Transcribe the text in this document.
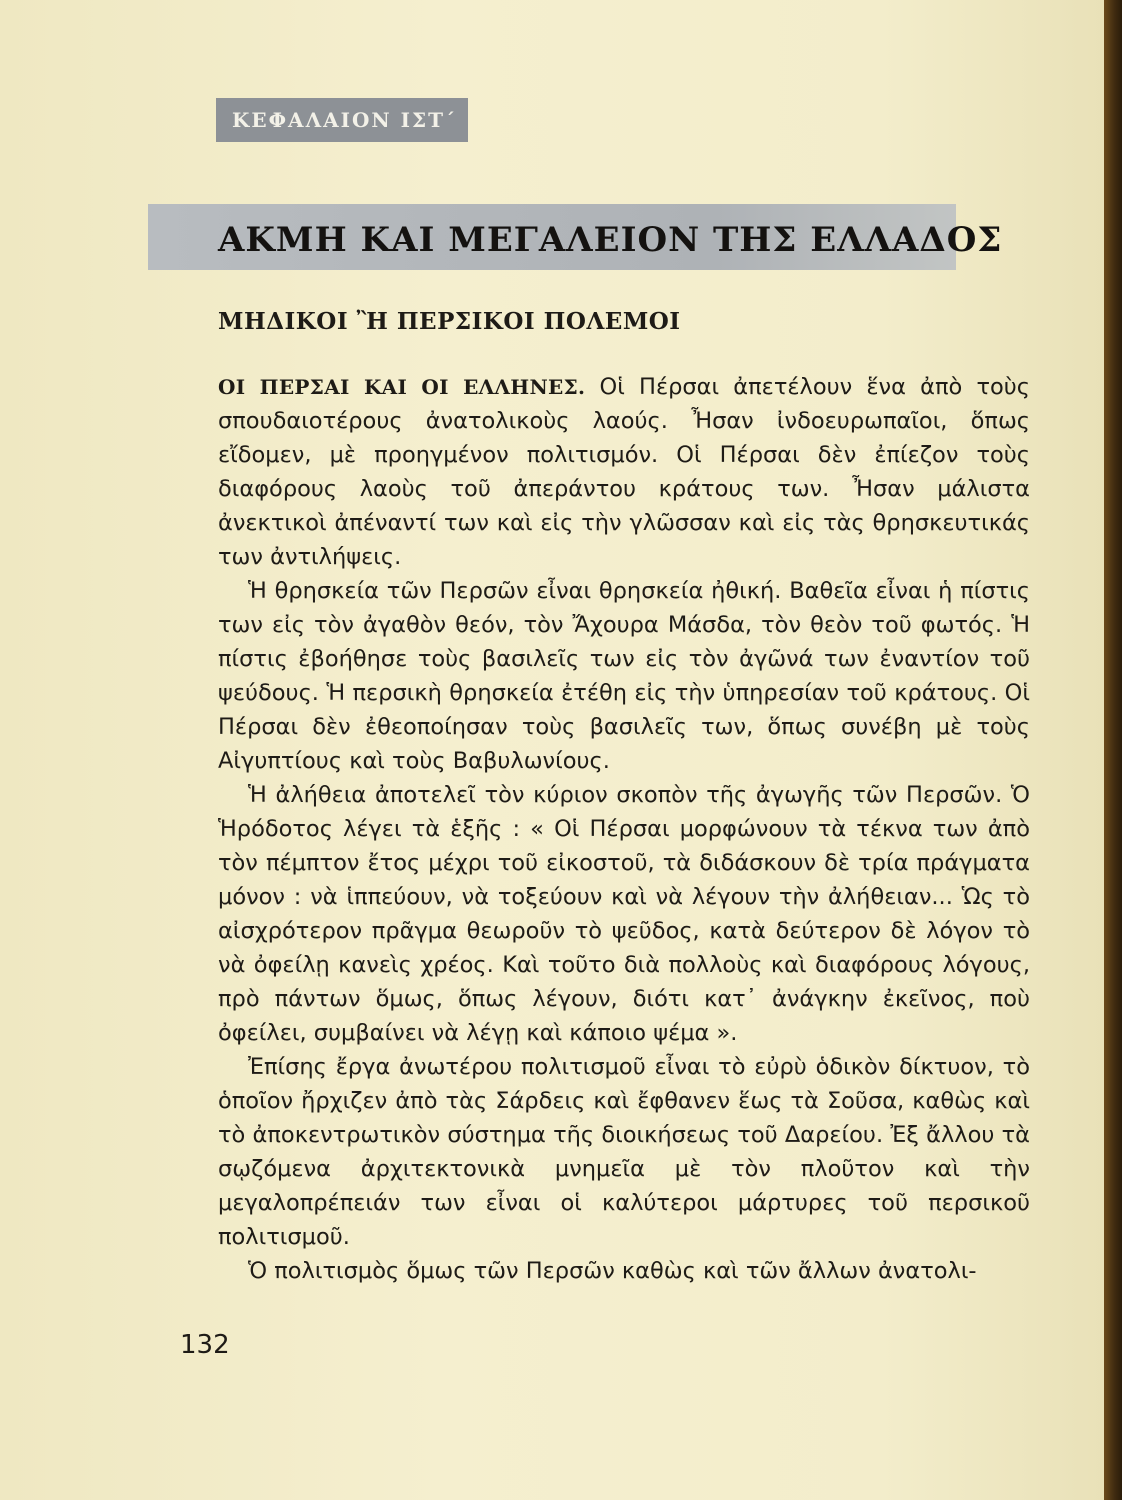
ΚΕΦΑΛΑΙΟΝ ΙΣΤ΄
ΑΚΜΗ ΚΑΙ ΜΕΓΑΛΕΙΟΝ ΤΗΣ ΕΛΛΑΔΟΣ
ΜΗΔΙΚΟΙ Ἢ ΠΕΡΣΙΚΟΙ ΠΟΛΕΜΟΙ

ΟΙ ΠΕΡΣΑΙ ΚΑΙ ΟΙ ΕΛΛΗΝΕΣ. Οἱ Πέρσαι ἀπετέλουν ἕνα ἀπὸ τοὺς σπουδαιοτέρους ἀνατολικοὺς λαούς. Ἦσαν ἰνδοευρωπαῖοι, ὅπως εἴδομεν, μὲ προηγμένον πολιτισμόν. Οἱ Πέρσαι δὲν ἐπίεζον τοὺς διαφόρους λαοὺς τοῦ ἀπεράντου κράτους των. Ἦσαν μάλιστα ἀνεκτικοὶ ἀπέναντί των καὶ εἰς τὴν γλῶσσαν καὶ εἰς τὰς θρησκευτικάς των ἀντιλήψεις.

Ἡ θρησκεία τῶν Περσῶν εἶναι θρησκεία ἠθική. Βαθεῖα εἶναι ἡ πίστις των εἰς τὸν ἀγαθὸν θεόν, τὸν Ἄχουρα Μάσδα, τὸν θεὸν τοῦ φωτός. Ἡ πίστις ἐβοήθησε τοὺς βασιλεῖς των εἰς τὸν ἀγῶνά των ἐναντίον τοῦ ψεύδους. Ἡ περσικὴ θρησκεία ἐτέθη εἰς τὴν ὑπηρεσίαν τοῦ κράτους. Οἱ Πέρσαι δὲν ἐθεοποίησαν τοὺς βασιλεῖς των, ὅπως συνέβη μὲ τοὺς Αἰγυπτίους καὶ τοὺς Βαβυλωνίους.

Ἡ ἀλήθεια ἀποτελεῖ τὸν κύριον σκοπὸν τῆς ἀγωγῆς τῶν Περσῶν. Ὁ Ἡρόδοτος λέγει τὰ ἑξῆς : « Οἱ Πέρσαι μορφώνουν τὰ τέκνα των ἀπὸ τὸν πέμπτον ἔτος μέχρι τοῦ εἰκοστοῦ, τὰ διδάσκουν δὲ τρία πράγματα μόνον : νὰ ἱππεύουν, νὰ τοξεύουν καὶ νὰ λέγουν τὴν ἀλήθειαν... Ὡς τὸ αἰσχρότερον πρᾶγμα θεωροῦν τὸ ψεῦδος, κατὰ δεύτερον δὲ λόγον τὸ νὰ ὀφείλῃ κανεὶς χρέος. Καὶ τοῦτο διὰ πολλοὺς καὶ διαφόρους λόγους, πρὸ πάντων ὅμως, ὅπως λέγουν, διότι κατ᾽ ἀνάγκην ἐκεῖνος, ποὺ ὀφείλει, συμβαίνει νὰ λέγῃ καὶ κάποιο ψέμα ».

Ἐπίσης ἔργα ἀνωτέρου πολιτισμοῦ εἶναι τὸ εὐρὺ ὁδικὸν δίκτυον, τὸ ὁποῖον ἤρχιζεν ἀπὸ τὰς Σάρδεις καὶ ἔφθανεν ἕως τὰ Σοῦσα, καθὼς καὶ τὸ ἀποκεντρωτικὸν σύστημα τῆς διοικήσεως τοῦ Δαρείου. Ἐξ ἄλλου τὰ σῳζόμενα ἀρχιτεκτονικὰ μνημεῖα μὲ τὸν πλοῦτον καὶ τὴν μεγαλοπρέπειάν των εἶναι οἱ καλύτεροι μάρτυρες τοῦ περσικοῦ πολιτισμοῦ.

Ὁ πολιτισμὸς ὅμως τῶν Περσῶν καθὼς καὶ τῶν ἄλλων ἀνατολι-

132
